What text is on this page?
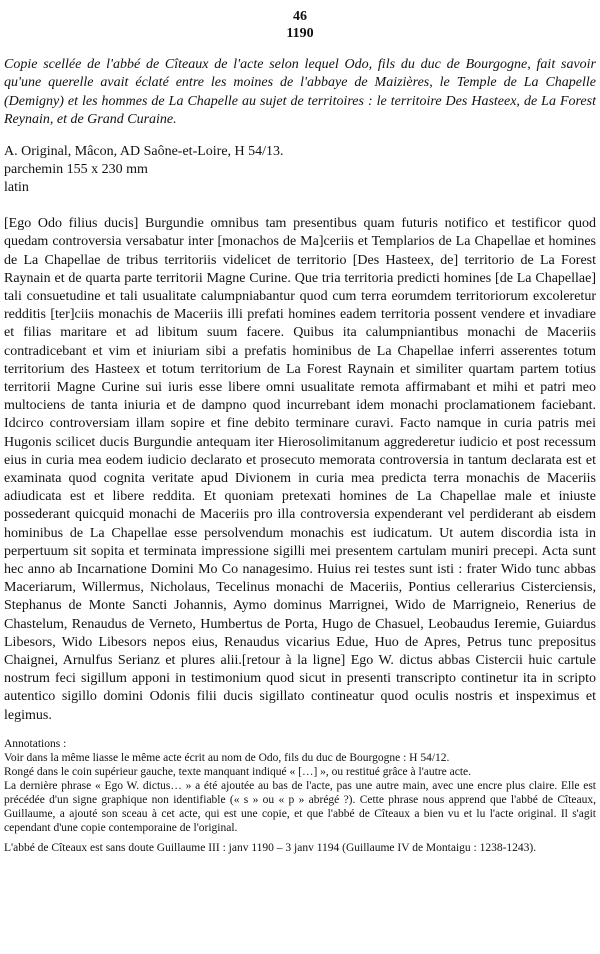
46
1190

Copie scellée de l'abbé de Cîteaux de l'acte selon lequel Odo, fils du duc de Bourgogne, fait savoir qu'une querelle avait éclaté entre les moines de l'abbaye de Maizières, le Temple de La Chapelle (Demigny) et les hommes de La Chapelle au sujet de territoires : le territoire Des Hasteex, de La Forest Reynain, et de Grand Curaine.

A. Original, Mâcon, AD Saône-et-Loire, H 54/13.
parchemin 155 x 230 mm
latin

[Ego Odo filius ducis] Burgundie omnibus tam presentibus quam futuris notifico et testificor quod quedam controversia versabatur inter [monachos de Ma]ceriis et Templarios de La Chapellae et homines de La Chapellae de tribus territoriis videlicet de territorio [Des Hasteex, de] territorio de La Forest Raynain et de quarta parte territorii Magne Curine. Que tria territoria predicti homines [de La Chapellae] tali consuetudine et tali usualitate calumpniabantur quod cum terra eorumdem territoriorum excoleretur redditis [ter]ciis monachis de Maceriis illi prefati homines eadem territoria possent vendere et invadiare et filias maritare et ad libitum suum facere. Quibus ita calumpniantibus monachi de Maceriis contradicebant et vim et iniuriam sibi a prefatis hominibus de La Chapellae inferri asserentes totum territorium des Hasteex et totum territorium de La Forest Raynain et similiter quartam partem totius territorii Magne Curine sui iuris esse libere omni usualitate remota affirmabant et mihi et patri meo multociens de tanta iniuria et de dampno quod incurrebant idem monachi proclamationem faciebant. Idcirco controversiam illam sopire et fine debito terminare curavi. Facto namque in curia patris mei Hugonis scilicet ducis Burgundie antequam iter Hierosolimitanum aggrederetur iudicio et post recessum eius in curia mea eodem iudicio declarato et prosecuto memorata controversia in tantum declarata est et examinata quod cognita veritate apud Divionem in curia mea predicta terra monachis de Maceriis adiudicata est et libere reddita. Et quoniam pretexati homines de La Chapellae male et iniuste possederant quicquid monachi de Maceriis pro illa controversia expenderant vel perdiderant ab eisdem hominibus de La Chapellae esse persolvendum monachis est iudicatum. Ut autem discordia ista in perpertuum sit sopita et terminata impressione sigilli mei presentem cartulam muniri precepi. Acta sunt hec anno ab Incarnatione Domini Mo Co nanagesimo. Huius rei testes sunt isti : frater Wido tunc abbas Maceriarum, Willermus, Nicholaus, Tecelinus monachi de Maceriis, Pontius cellerarius Cisterciensis, Stephanus de Monte Sancti Johannis, Aymo dominus Marrignei, Wido de Marrigneio, Renerius de Chastelum, Renaudus de Verneto, Humbertus de Porta, Hugo de Chasuel, Leobaudus Ieremie, Guiardus Libesors, Wido Libesors nepos eius, Renaudus vicarius Edue, Huo de Apres, Petrus tunc prepositus Chaignei, Arnulfus Serianz et plures alii.[retour à la ligne] Ego W. dictus abbas Cistercii huic cartule nostrum feci sigillum apponi in testimonium quod sicut in presenti transcripto continetur ita in scripto autentico sigillo domini Odonis filii ducis sigillato contineatur quod oculis nostris et inspeximus et legimus.

Annotations :
Voir dans la même liasse le même acte écrit au nom de Odo, fils du duc de Bourgogne : H 54/12.
Rongé dans le coin supérieur gauche, texte manquant indiqué « […] », ou restitué grâce à l'autre acte.
La dernière phrase « Ego W. dictus… » a été ajoutée au bas de l'acte, pas une autre main, avec une encre plus claire. Elle est précédée d'un signe graphique non identifiable (« s » ou « p » abrégé ?). Cette phrase nous apprend que l'abbé de Cîteaux, Guillaume, a ajouté son sceau à cet acte, qui est une copie, et que l'abbé de Cîteaux a bien vu et lu l'acte original. Il s'agit cependant d'une copie contemporaine de l'original.
L'abbé de Cîteaux est sans doute Guillaume III : janv 1190 – 3 janv 1194 (Guillaume IV de Montaigu : 1238-1243).
